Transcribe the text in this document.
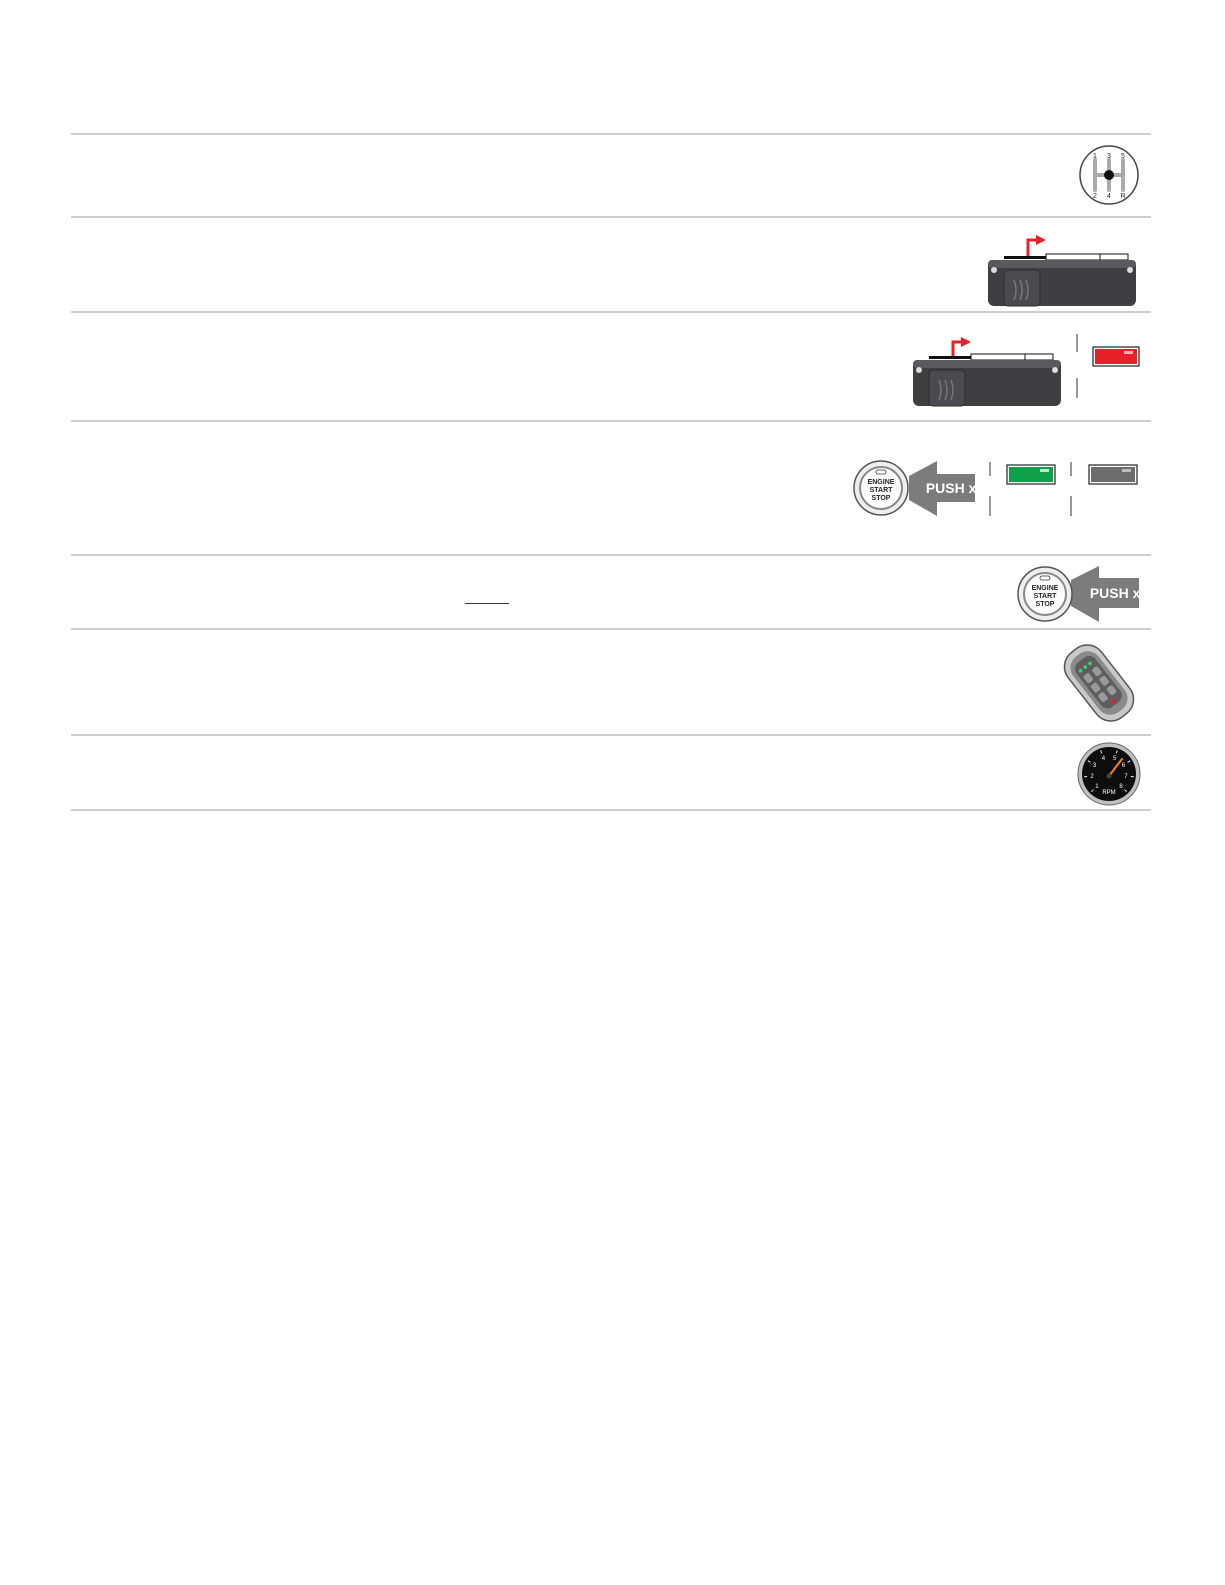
1 3 5
2 4 R
PUSH x1
ENGINE
START
STOP
PUSH x1
ENGINE
START
STOP
1
2
3
4 5
6
7
8
RPM
